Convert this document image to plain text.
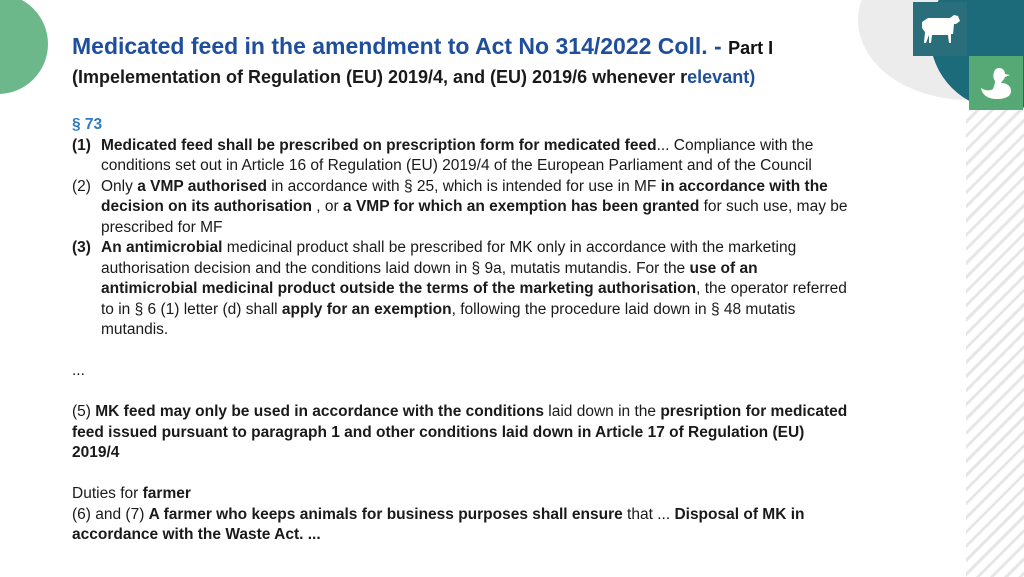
Medicated feed in the amendment to Act No 314/2022 Coll. - Part I
(Impelementation of Regulation (EU) 2019/4, and (EU) 2019/6 whenever relevant)
§ 73
(1) Medicated feed shall be prescribed on prescription form for medicated feed... Compliance with the conditions set out in Article 16 of Regulation (EU) 2019/4 of the European Parliament and of the Council
(2) Only a VMP authorised in accordance with § 25, which is intended for use in MF in accordance with the decision on its authorisation , or a VMP for which an exemption has been granted for such use, may be prescribed for MF
(3) An antimicrobial medicinal product shall be prescribed for MK only in accordance with the marketing authorisation decision and the conditions laid down in § 9a, mutatis mutandis. For the use of an antimicrobial medicinal product outside the terms of the marketing authorisation, the operator referred to in § 6 (1) letter (d) shall apply for an exemption, following the procedure laid down in § 48 mutatis mutandis.
...
(5) MK feed may only be used in accordance with the conditions laid down in the presription for medicated feed issued pursuant to paragraph 1 and other conditions laid down in Article 17 of Regulation (EU) 2019/4
Duties for farmer
(6) and (7) A farmer who keeps animals for business purposes shall ensure that ... Disposal of MK in accordance with the Waste Act. ...
